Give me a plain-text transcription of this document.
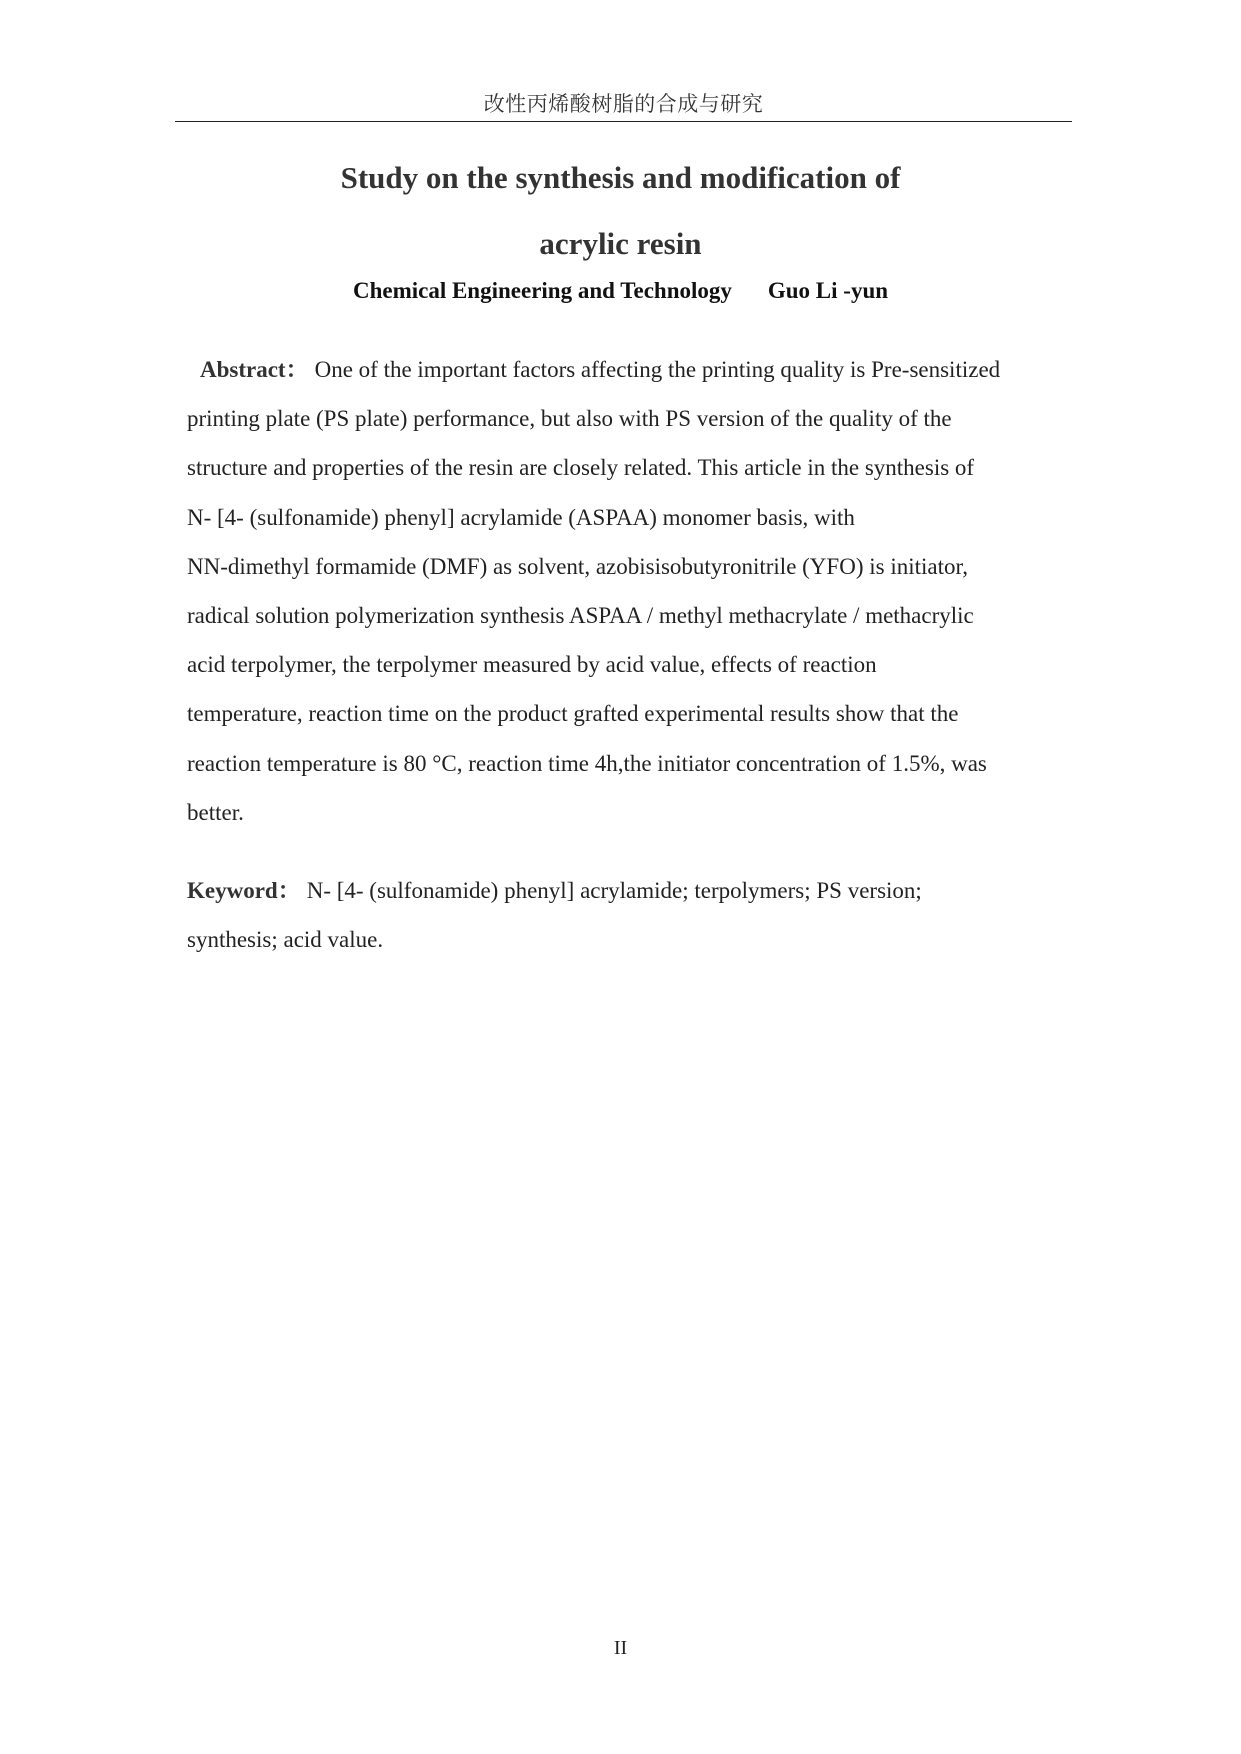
改性丙烯酸树脂的合成与研究
Study on the synthesis and modification of
acrylic resin
Chemical Engineering and Technology Guo Li -yun
Abstract： One of the important factors affecting the printing quality is Pre-sensitized
printing plate (PS plate) performance, but also with PS version of the quality of the
structure and properties of the resin are closely related. This article in the synthesis of
N- [4- (sulfonamide) phenyl] acrylamide (ASPAA) monomer basis, with
NN-dimethyl formamide (DMF) as solvent, azobisisobutyronitrile (YFO) is initiator,
radical solution polymerization synthesis ASPAA / methyl methacrylate / methacrylic
acid terpolymer, the terpolymer measured by acid value, effects of reaction
temperature, reaction time on the product grafted experimental results show that the
reaction temperature is 80 °C, reaction time 4h,the initiator concentration of 1.5%, was
better.
Keyword： N- [4- (sulfonamide) phenyl] acrylamide; terpolymers; PS version;
synthesis; acid value.
II
